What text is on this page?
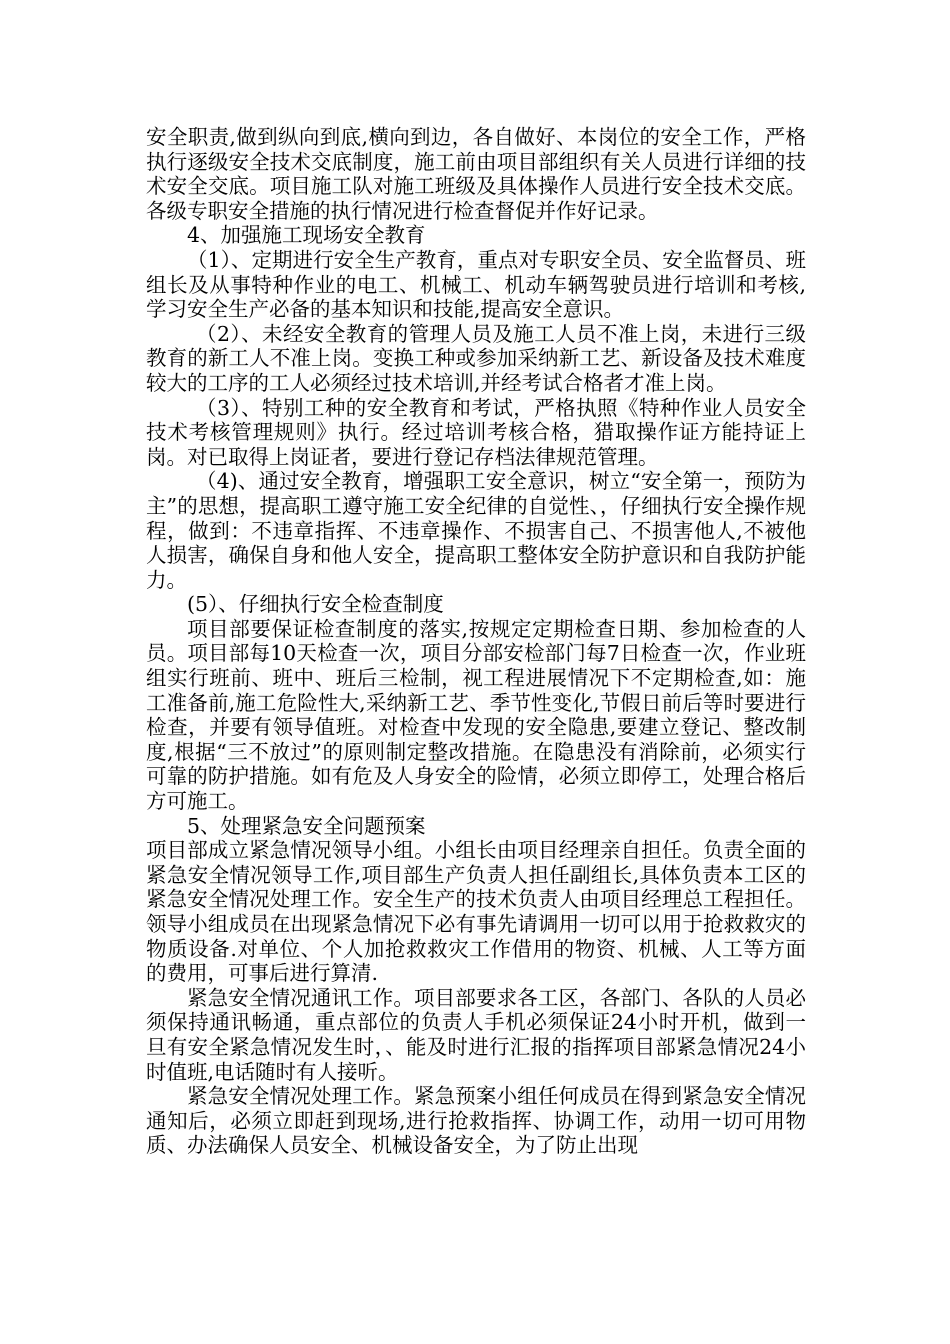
安全职责,做到纵向到底,横向到边，各自做好、本岗位的安全工作，严格执行逐级安全技术交底制度，施工前由项目部组织有关人员进行详细的技术安全交底。项目施工队对施工班级及具体操作人员进行安全技术交底。各级专职安全措施的执行情况进行检查督促并作好记录。

4、加强施工现场安全教育

（1）、定期进行安全生产教育，重点对专职安全员、安全监督员、班组长及从事特种作业的电工、机械工、机动车辆驾驶员进行培训和考核,学习安全生产必备的基本知识和技能,提高安全意识。

（2）、未经安全教育的管理人员及施工人员不准上岗，未进行三级教育的新工人不准上岗。变换工种或参加采纳新工艺、新设备及技术难度较大的工序的工人必须经过技术培训,并经考试合格者才准上岗。

（3）、特别工种的安全教育和考试，严格执照《特种作业人员安全技术考核管理规则》执行。经过培训考核合格，猎取操作证方能持证上岗。对已取得上岗证者，要进行登记存档法律规范管理。

（4)、通过安全教育，增强职工安全意识，树立“安全第一，预防为主”的思想，提高职工遵守施工安全纪律的自觉性、，仔细执行安全操作规程，做到：不违章指挥、不违章操作、不损害自己、不损害他人,不被他人损害，确保自身和他人安全，提高职工整体安全防护意识和自我防护能力。

(5）、仔细执行安全检查制度

项目部要保证检查制度的落实,按规定定期检查日期、参加检查的人员。项目部每10天检查一次，项目分部安检部门每7日检查一次，作业班组实行班前、班中、班后三检制，视工程进展情况下不定期检查,如：施工准备前,施工危险性大,采纳新工艺、季节性变化,节假日前后等时要进行检查，并要有领导值班。对检查中发现的安全隐患,要建立登记、整改制度,根据“三不放过”的原则制定整改措施。在隐患没有消除前，必须实行可靠的防护措施。如有危及人身安全的险情，必须立即停工，处理合格后方可施工。

5、处理紧急安全问题预案

项目部成立紧急情况领导小组。小组长由项目经理亲自担任。负责全面的紧急安全情况领导工作,项目部生产负责人担任副组长,具体负责本工区的紧急安全情况处理工作。安全生产的技术负责人由项目经理总工程担任。领导小组成员在出现紧急情况下必有事先请调用一切可以用于抢救救灾的物质设备.对单位、个人加抢救救灾工作借用的物资、机械、人工等方面的费用，可事后进行算清.

紧急安全情况通讯工作。项目部要求各工区，各部门、各队的人员必须保持通讯畅通，重点部位的负责人手机必须保证24小时开机，做到一旦有安全紧急情况发生时，、能及时进行汇报的指挥项目部紧急情况24小时值班,电话随时有人接听。

紧急安全情况处理工作。紧急预案小组任何成员在得到紧急安全情况通知后，必须立即赶到现场,进行抢救指挥、协调工作，动用一切可用物质、办法确保人员安全、机械设备安全，为了防止出现
